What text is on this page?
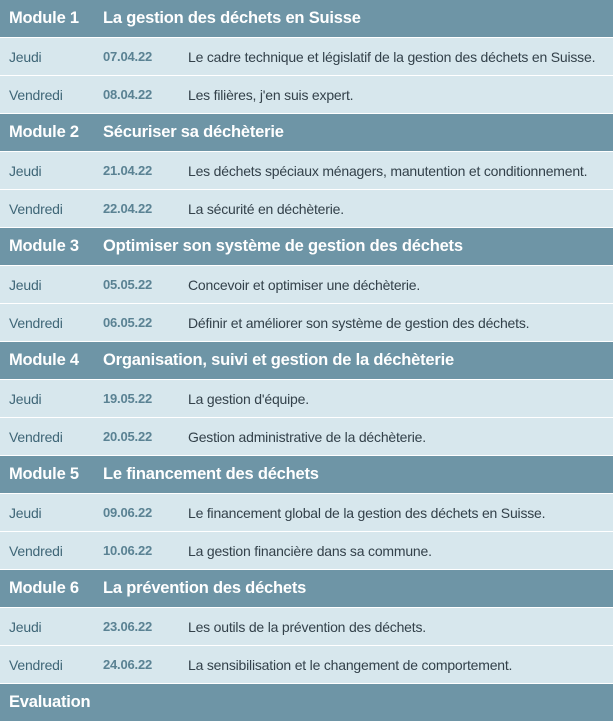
Module 1	La gestion des déchets en Suisse
Jeudi	07.04.22	Le cadre technique et législatif de la gestion des déchets en Suisse.
Vendredi	08.04.22	Les filières, j'en suis expert.
Module 2	Sécuriser sa déchèterie
Jeudi	21.04.22	Les déchets spéciaux ménagers, manutention et conditionnement.
Vendredi	22.04.22	La sécurité en déchèterie.
Module 3	Optimiser son système de gestion des déchets
Jeudi	05.05.22	Concevoir et optimiser une déchèterie.
Vendredi	06.05.22	Définir et améliorer son système de gestion des déchets.
Module 4	Organisation, suivi et gestion de la déchèterie
Jeudi	19.05.22	La gestion d'équipe.
Vendredi	20.05.22	Gestion administrative de la déchèterie.
Module 5	Le financement des déchets
Jeudi	09.06.22	Le financement global de la gestion des déchets en Suisse.
Vendredi	10.06.22	La gestion financière dans sa commune.
Module 6	La prévention des déchets
Jeudi	23.06.22	Les outils de la prévention des déchets.
Vendredi	24.06.22	La sensibilisation et le changement de comportement.
Evaluation
